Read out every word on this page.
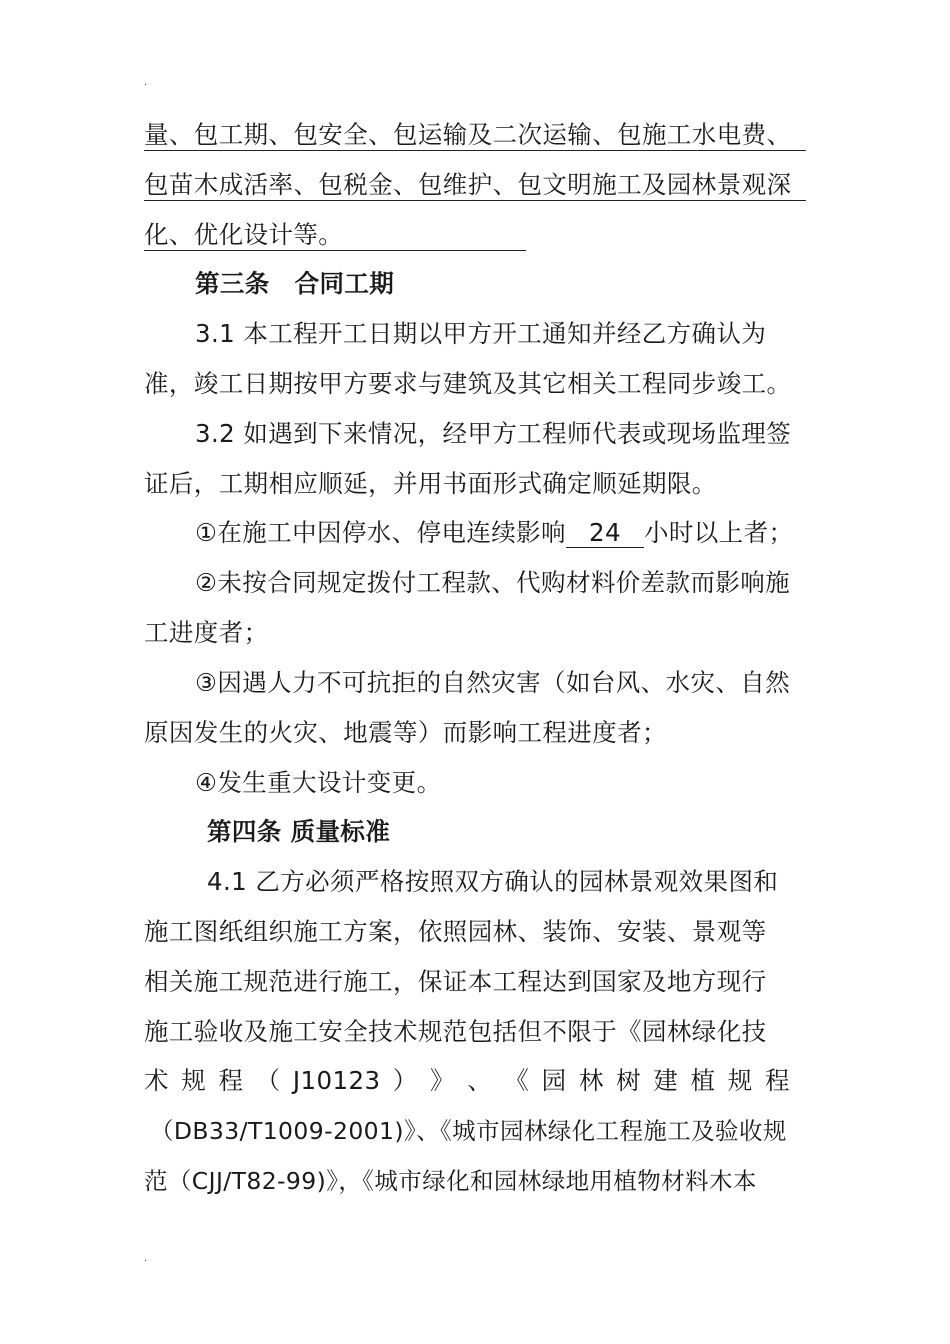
.
量、包工期、包安全、包运输及二次运输、包施工水电费、
包苗木成活率、包税金、包维护、包文明施工及园林景观深
化、优化设计等。
第三条　合同工期
3.1 本工程开工日期以甲方开工通知并经乙方确认为
准，竣工日期按甲方要求与建筑及其它相关工程同步竣工。
3.2 如遇到下来情况，经甲方工程师代表或现场监理签
证后，工期相应顺延，并用书面形式确定顺延期限。
①在施工中因停水、停电连续影响 24 小时以上者；
②未按合同规定拨付工程款、代购材料价差款而影响施
工进度者；
③因遇人力不可抗拒的自然灾害（如台风、水灾、自然
原因发生的火灾、地震等）而影响工程进度者；
④发生重大设计变更。
第四条 质量标准
4.1 乙方必须严格按照双方确认的园林景观效果图和
施工图纸组织施工方案，依照园林、装饰、安装、景观等
相关施工规范进行施工，保证本工程达到国家及地方现行
施工验收及施工安全技术规范包括但不限于《园林绿化技
术 规 程 （ J10123 ） 》 、 《 园 林 树 建 植 规 程
（DB33/T1009-2001)》、《城市园林绿化工程施工及验收规
范（CJJ/T82-99)》，《城市绿化和园林绿地用植物材料木本
.
